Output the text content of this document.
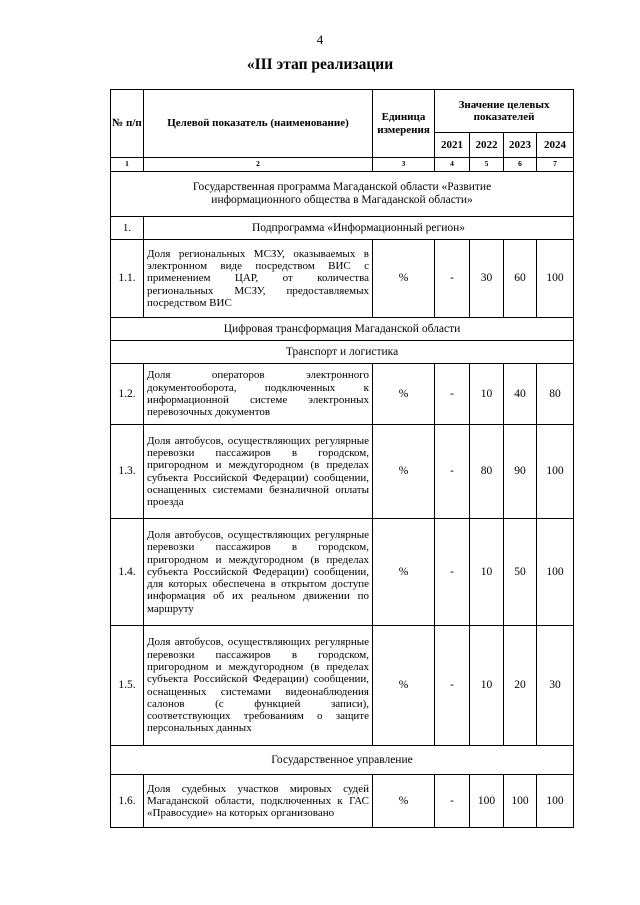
4
«III этап реализации
№ п/п	Целевой показатель (наименование)	Единица измерения	Значение целевых показателей			
			2021	2022	2023	2024
1	2	3	4	5	6	7
Государственная программа Магаданской области «Развитие информационного общества в Магаданской области»						
1.	Подпрограмма «Информационный регион»					
1.1.	Доля региональных МСЗУ, оказываемых в электронном виде посредством ВИС с применением ЦАР, от количества региональных МСЗУ, предоставляемых посредством ВИС	%	-	30	60	100
Цифровая трансформация Магаданской области						
Транспорт и логистика						
1.2.	Доля операторов электронного документооборота, подключенных к информационной системе электронных перевозочных документов	%	-	10	40	80
1.3.	Доля автобусов, осуществляющих регулярные перевозки пассажиров в городском, пригородном и междугородном (в пределах субъекта Российской Федерации) сообщении, оснащенных системами безналичной оплаты проезда	%	-	80	90	100
1.4.	Доля автобусов, осуществляющих регулярные перевозки пассажиров в городском, пригородном и междугородном (в пределах субъекта Российской Федерации) сообщении, для которых обеспечена в открытом доступе информация об их реальном движении по маршруту	%	-	10	50	100
1.5.	Доля автобусов, осуществляющих регулярные перевозки пассажиров в городском, пригородном и междугородном (в пределах субъекта Российской Федерации) сообщении, оснащенных системами видеонаблюдения салонов (с функцией записи), соответствующих требованиям о защите персональных данных	%	-	10	20	30
Государственное управление						
1.6.	Доля судебных участков мировых судей Магаданской области, подключенных к ГАС «Правосудие» на которых организовано	%	-	100	100	100
